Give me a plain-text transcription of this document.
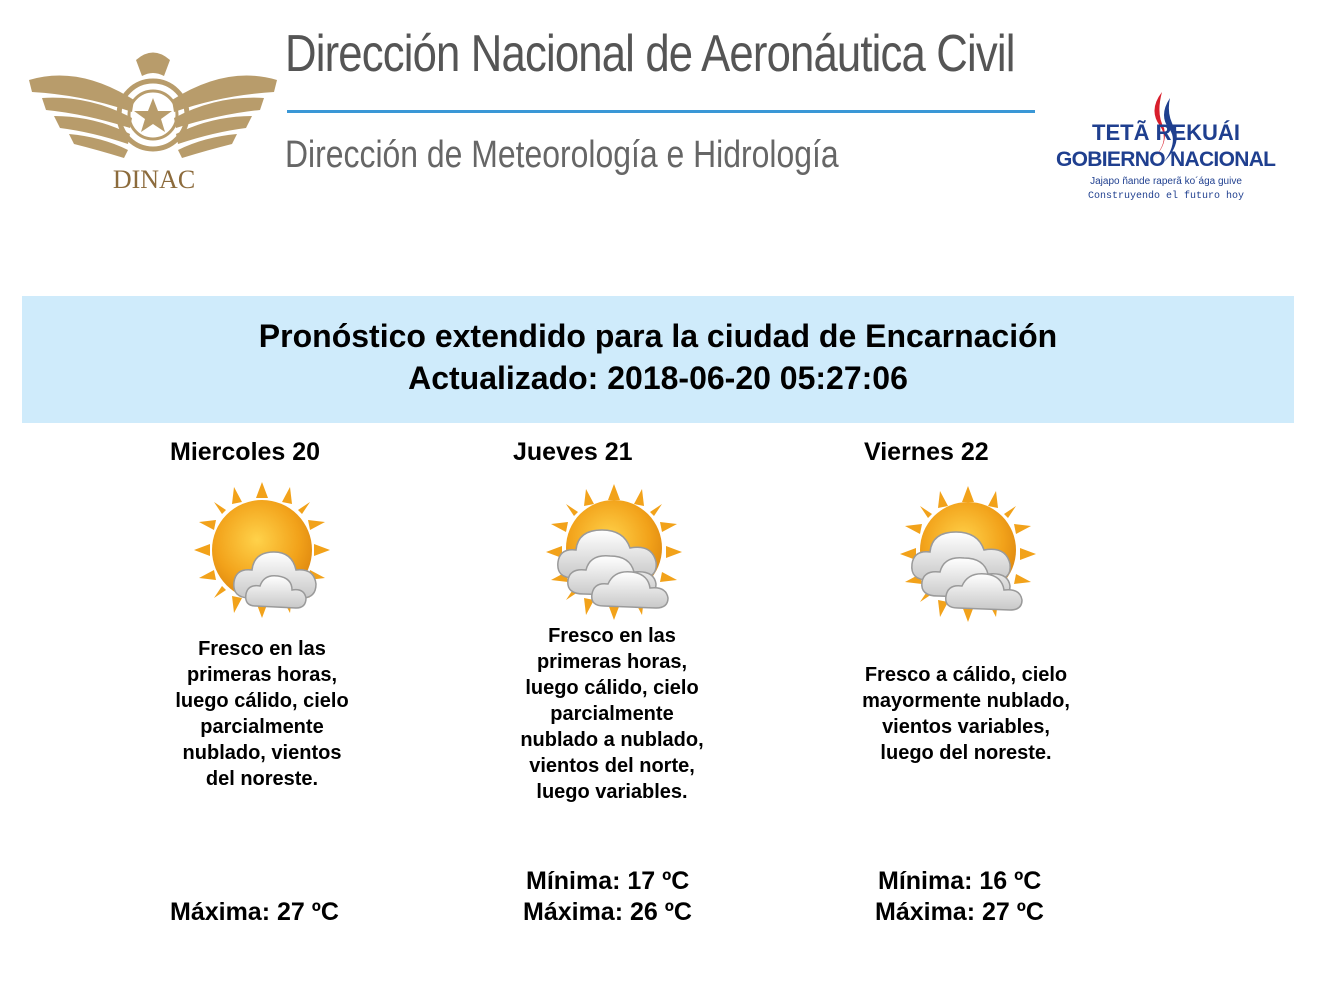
DINAC
Dirección Nacional de Aeronáutica Civil
Dirección de Meteorología e Hidrología
TETÃ REKUÁI
GOBIERNO NACIONAL
Jajapo ñande raperã ko´ága guive
Construyendo el futuro hoy
Pronóstico extendido para la ciudad de Encarnación
Actualizado: 2018-06-20 05:27:06
Miercoles 20
Fresco en las primeras horas, luego cálido, cielo parcialmente nublado, vientos del noreste.
Máxima: 27 ºC
Jueves 21
Fresco en las primeras horas, luego cálido, cielo parcialmente nublado a nublado, vientos del norte, luego variables.
Mínima: 17 ºC
Máxima: 26 ºC
Viernes 22
Fresco a cálido, cielo mayormente nublado, vientos variables, luego del noreste.
Mínima: 16 ºC
Máxima: 27 ºC
